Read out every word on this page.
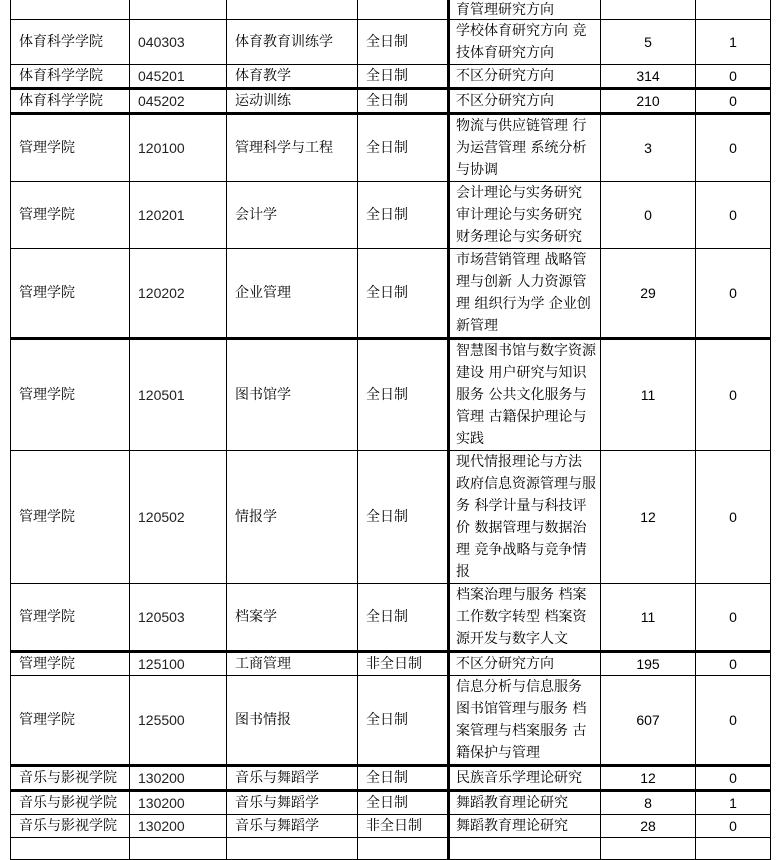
				育管理研究方向		
体育科学学院	040303	体育教育训练学	全日制	学校体育研究方向 竞技体育研究方向	5	1
体育科学学院	045201	体育教学	全日制	不区分研究方向	314	0
体育科学学院	045202	运动训练	全日制	不区分研究方向	210	0
管理学院	120100	管理科学与工程	全日制	物流与供应链管理 行为运营管理 系统分析与协调	3	0
管理学院	120201	会计学	全日制	会计理论与实务研究 审计理论与实务研究 财务理论与实务研究	0	0
管理学院	120202	企业管理	全日制	市场营销管理 战略管理与创新 人力资源管理 组织行为学 企业创新管理	29	0
管理学院	120501	图书馆学	全日制	智慧图书馆与数字资源建设 用户研究与知识服务 公共文化服务与管理 古籍保护理论与实践	11	0
管理学院	120502	情报学	全日制	现代情报理论与方法 政府信息资源管理与服务 科学计量与科技评价 数据管理与数据治理 竞争战略与竞争情报	12	0
管理学院	120503	档案学	全日制	档案治理与服务 档案工作数字转型 档案资源开发与数字人文	11	0
管理学院	125100	工商管理	非全日制	不区分研究方向	195	0
管理学院	125500	图书情报	全日制	信息分析与信息服务 图书馆管理与服务 档案管理与档案服务 古籍保护与管理	607	0
音乐与影视学院	130200	音乐与舞蹈学	全日制	民族音乐学理论研究	12	0
音乐与影视学院	130200	音乐与舞蹈学	全日制	舞蹈教育理论研究	8	1
音乐与影视学院	130200	音乐与舞蹈学	非全日制	舞蹈教育理论研究	28	0
